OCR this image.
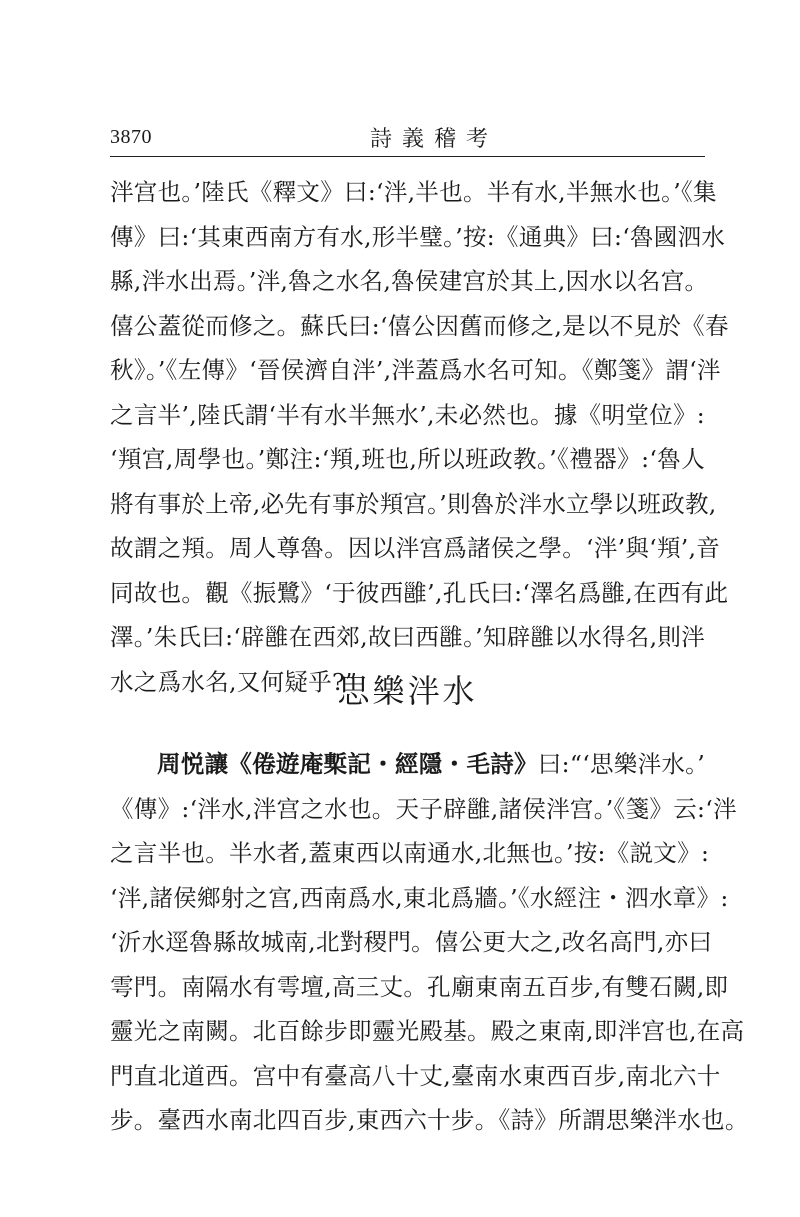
3870	詩義稽考
泮宫也。’陸氏《釋文》曰:‘泮,半也。半有水,半無水也。’《集
傳》曰:‘其東西南方有水,形半璧。’按:《通典》曰:‘魯國泗水
縣,泮水出焉。’泮,魯之水名,魯侯建宫於其上,因水以名宫。
僖公蓋從而修之。蘇氏曰:‘僖公因舊而修之,是以不見於《春
秋》。’《左傳》‘晉侯濟自泮’,泮蓋爲水名可知。《鄭箋》謂‘泮
之言半’,陸氏謂‘半有水半無水’,未必然也。據《明堂位》:
‘頖宫,周學也。’鄭注:‘頖,班也,所以班政教。’《禮器》:‘魯人
將有事於上帝,必先有事於頖宫。’則魯於泮水立學以班政教,
故謂之頖。周人尊魯。因以泮宫爲諸侯之學。‘泮’與‘頖’,音
同故也。觀《振鷺》‘于彼西雝’,孔氏曰:‘澤名爲雝,在西有此
澤。’朱氏曰:‘辟雝在西郊,故曰西雝。’知辟雝以水得名,則泮
水之爲水名,又何疑乎?”
思樂泮水
周悦讓《倦遊庵槧記・經隱・毛詩》曰:“‘思樂泮水。’
《傳》:‘泮水,泮宫之水也。天子辟雝,諸侯泮宫。’《箋》云:‘泮
之言半也。半水者,蓋東西以南通水,北無也。’按:《説文》:
‘泮,諸侯鄉射之宫,西南爲水,東北爲牆。’《水經注・泗水章》:
‘沂水逕魯縣故城南,北對稷門。僖公更大之,改名高門,亦曰
雩門。南隔水有雩壇,高三丈。孔廟東南五百步,有雙石闕,即
靈光之南闕。北百餘步即靈光殿基。殿之東南,即泮宫也,在高
門直北道西。宫中有臺高八十丈,臺南水東西百步,南北六十
步。臺西水南北四百步,東西六十步。《詩》所謂思樂泮水也。
